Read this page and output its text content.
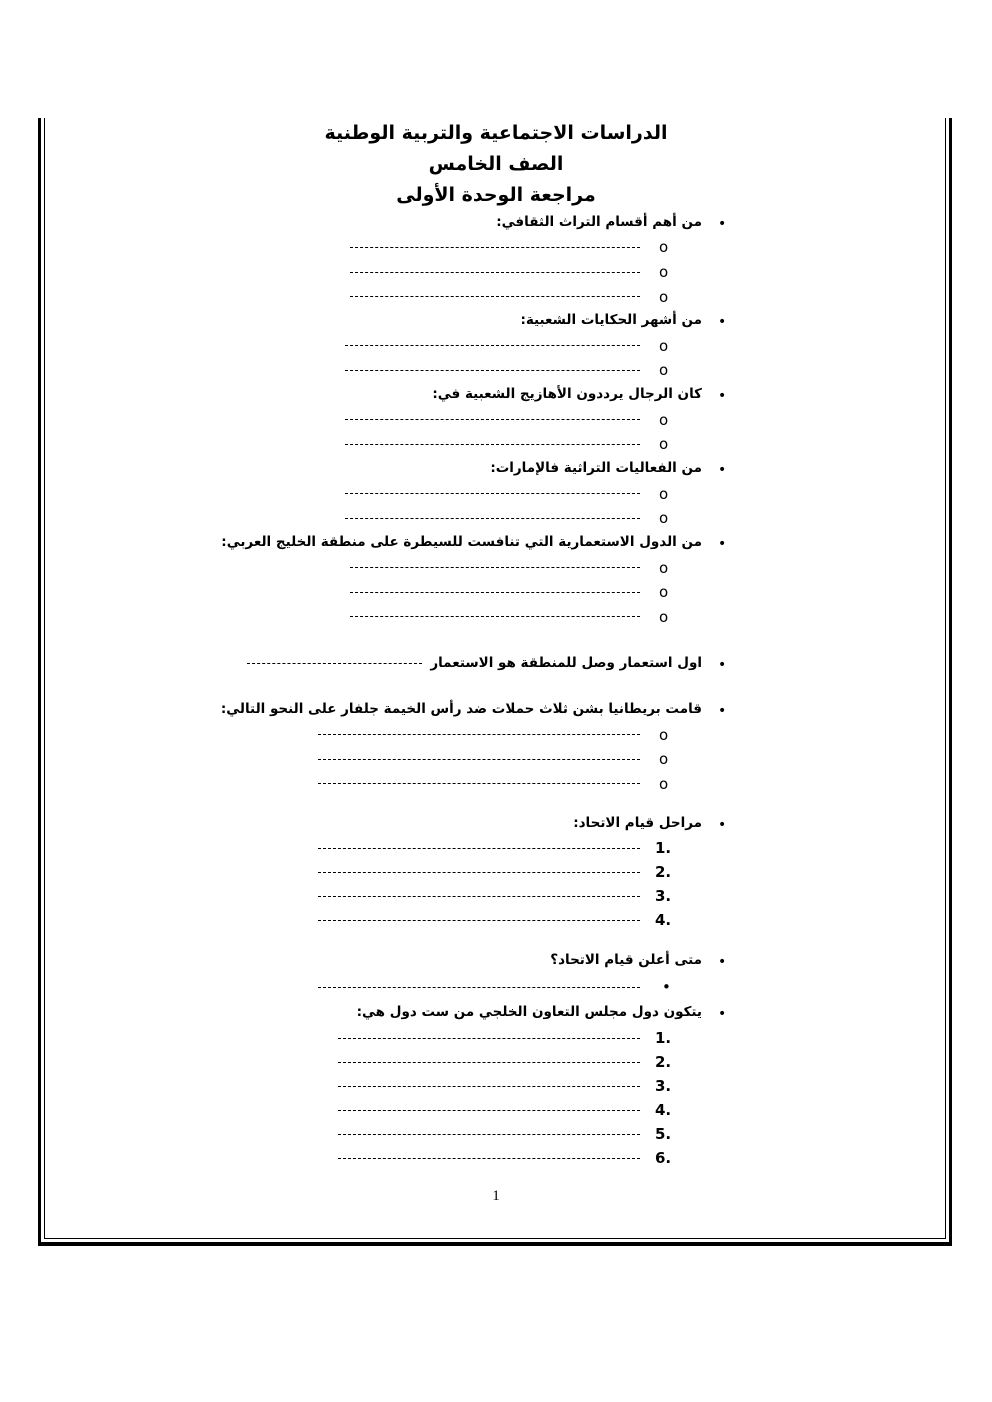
الدراسات الاجتماعية والتربية الوطنية
الصف الخامس
مراجعة الوحدة الأولى
•
من أهم أقسام التراث الثقافي:
o
o
o
•
من أشهر الحكايات الشعبية:
o
o
•
كان الرجال يرددون الأهازيج الشعبية في:
o
o
•
من الفعاليات التراثية فالإمارات:
o
o
•
من الدول الاستعمارية التي تنافست للسيطرة على منطقة الخليج العربي:
o
o
o
•
اول استعمار وصل للمنطقة هو الاستعمار
•
قامت بريطانيا بشن ثلاث حملات ضد رأس الخيمة جلفار على النحو التالي:
o
o
o
•
مراحل قيام الاتحاد:
1.
2.
3.
4.
•
متى أعلن قيام الاتحاد؟
•
•
يتكون دول مجلس التعاون الخلجي من ست دول هي:
1.
2.
3.
4.
5.
6.
1
